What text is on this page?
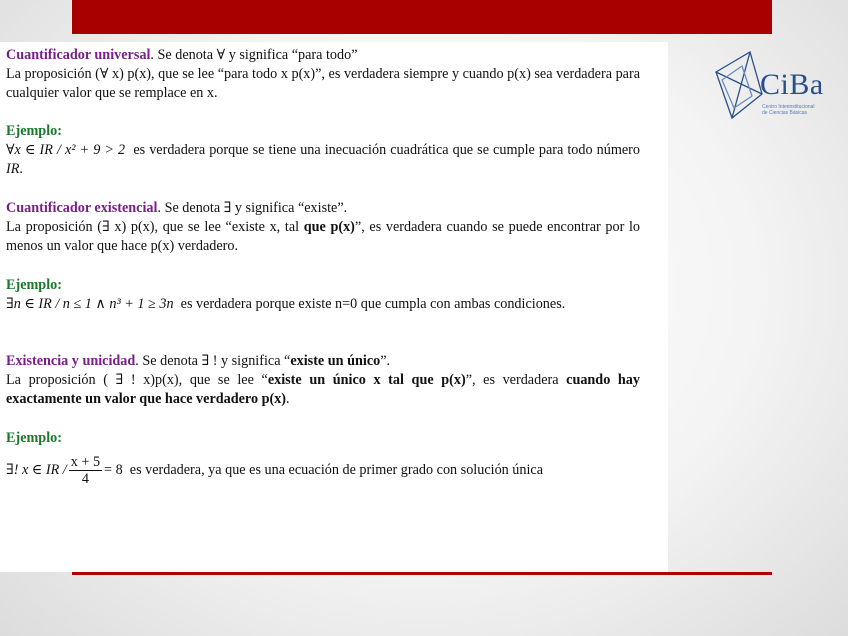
Cuantificador universal. Se denota ∀ y significa “para todo”

La proposición (∀ x) p(x), que se lee “para todo x p(x)”, es verdadera siempre y cuando p(x) sea verdadera para cualquier valor que se remplace en x.

Ejemplo:

∀x ∈ IR / x² + 9 > 2 es verdadera porque se tiene una inecuación cuadrática que se cumple para todo número IR.

Cuantificador existencial. Se denota ∃ y significa “existe”.

La proposición (∃ x) p(x), que se lee “existe x, tal que p(x)”, es verdadera cuando se puede encontrar por lo menos un valor que hace p(x) verdadero.

Ejemplo:

∃n ∈ IR / n ≤ 1 ∧ n³ + 1 ≥ 3n es verdadera porque existe n=0 que cumpla con ambas condiciones.

Existencia y unicidad. Se denota ∃ ! y significa “existe un único”.

La proposición ( ∃ ! x)p(x), que se lee “existe un único x tal que p(x)”, es verdadera cuando hay exactamente un valor que hace verdadero p(x).

Ejemplo:

∃! x ∈ IR / $\frac{x + 5}{4} = 8$ es verdadera, ya que es una ecuación de primer grado con solución única

CiBa
Centro Interinstitucional
de Ciencias Básicas
